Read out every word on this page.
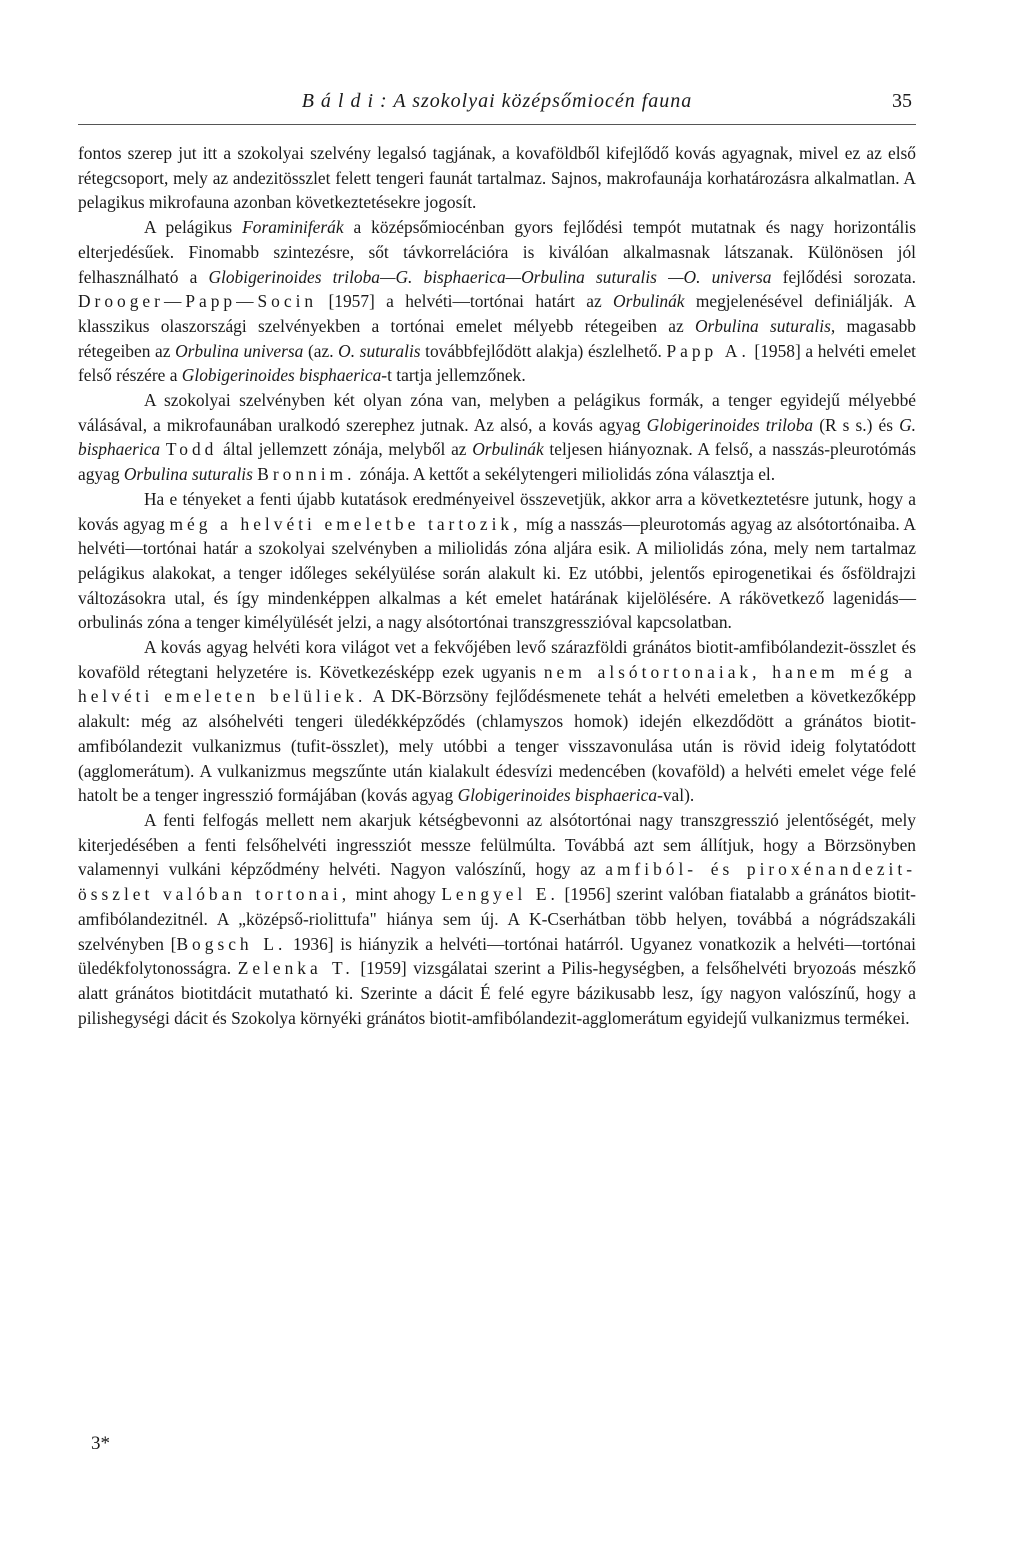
B á l d i : A szokolyai középsőmiocén fauna	35

fontos szerep jut itt a szokolyai szelvény legalsó tagjának, a kovaföldből kifejlődő kovás agyagnak, mivel ez az első rétegcsoport, mely az andezitösszlet felett tengeri faunát tartalmaz. Sajnos, makrofaunája korhatározásra alkalmatlan. A pelagikus mikrofauna azonban következtetésekre jogosít.

A pelágikus Foraminiferák a középsőmiocénban gyors fejlődési tempót mutatnak és nagy horizontális elterjedésűek. Finomabb szintezésre, sőt távkorrelációra is kiválóan alkalmasnak látszanak. Különösen jól felhasználható a Globigerinoides triloba—G. bisphaerica—Orbulina suturalis —O. universa fejlődési sorozata. Drooger—Papp—Socin [1957] a helvéti—tortónai határt az Orbulinák megjelenésével definiálják. A klasszikus olaszországi szelvényekben a tortónai emelet mélyebb rétegeiben az Orbulina suturalis, magasabb rétegeiben az Orbulina universa (az. O. suturalis továbbfejlődött alakja) észlelhető. Papp A. [1958] a helvéti emelet felső részére a Globigerinoides bisphaerica-t tartja jellemzőnek.

A szokolyai szelvényben két olyan zóna van, melyben a pelágikus formák, a tenger egyidejű mélyebbé válásával, a mikrofaunában uralkodó szerephez jutnak. Az alsó, a kovás agyag Globigerinoides triloba (R s s.) és G. bisphaerica Todd által jellemzett zónája, melyből az Orbulinák teljesen hiányoznak. A felső, a nasszás-pleurotómás agyag Orbulina suturalis Bronnim. zónája. A kettőt a sekélytengeri miliolidás zóna választja el.

Ha e tényeket a fenti újabb kutatások eredményeivel összevetjük, akkor arra a következtetésre jutunk, hogy a kovás agyag még a helvéti emeletbe tartozik, míg a nasszás—pleurotomás agyag az alsótortónaiba. A helvéti—tortónai határ a szokolyai szelvényben a miliolidás zóna aljára esik. A miliolidás zóna, mely nem tartalmaz pelágikus alakokat, a tenger időleges sekélyülése során alakult ki. Ez utóbbi, jelentős epirogenetikai és ősföldrajzi változásokra utal, és így mindenképpen alkalmas a két emelet határának kijelölésére. A rákövetkező lagenidás—orbulinás zóna a tenger kimélyülését jelzi, a nagy alsótortónai transzgresszióval kapcsolatban.

A kovás agyag helvéti kora világot vet a fekvőjében levő szárazföldi gránátos biotit-amfibólandezit-összlet és kovaföld rétegtani helyzetére is. Következésképp ezek ugyanis nem alsótortonaiak, hanem még a helvéti emeleten belüliek. A DK-Börzsöny fejlődésmenete tehát a helvéti emeletben a következőképp alakult: még az alsóhelvéti tengeri üledékképződés (chlamyszos homok) idején elkezdődött a gránátos biotit-amfibólandezit vulkanizmus (tufit-összlet), mely utóbbi a tenger visszavonulása után is rövid ideig folytatódott (agglomerátum). A vulkanizmus megszűnte után kialakult édesvízi medencében (kovaföld) a helvéti emelet vége felé hatolt be a tenger ingresszió formájában (kovás agyag Globigerinoides bisphaerica-val).

A fenti felfogás mellett nem akarjuk kétségbevonni az alsótortónai nagy transzgresszió jelentőségét, mely kiterjedésében a fenti felsőhelvéti ingressziót messze felülmúlta. Továbbá azt sem állítjuk, hogy a Börzsönyben valamennyi vulkáni képződmény helvéti. Nagyon valószínű, hogy az amfiból- és piroxénandezit-összlet valóban tortonai, mint ahogy Lengyel E. [1956] szerint valóban fiatalabb a gránátos biotit-amfibólandezitnél. A „középső-riolittufa" hiánya sem új. A K-Cserhátban több helyen, továbbá a nógrádszakáli szelvényben [Bogsch L. 1936] is hiányzik a helvéti—tortónai határról. Ugyanez vonatkozik a helvéti—tortónai üledékfolytonosságra. Zelenka T. [1959] vizsgálatai szerint a Pilis-hegységben, a felsőhelvéti bryozoás mészkő alatt gránátos biotitdácit mutatható ki. Szerinte a dácit É felé egyre bázikusabb lesz, így nagyon valószínű, hogy a pilishegységi dácit és Szokolya környéki gránátos biotit-amfibólandezit-agglomerátum egyidejű vulkanizmus termékei.

3*
